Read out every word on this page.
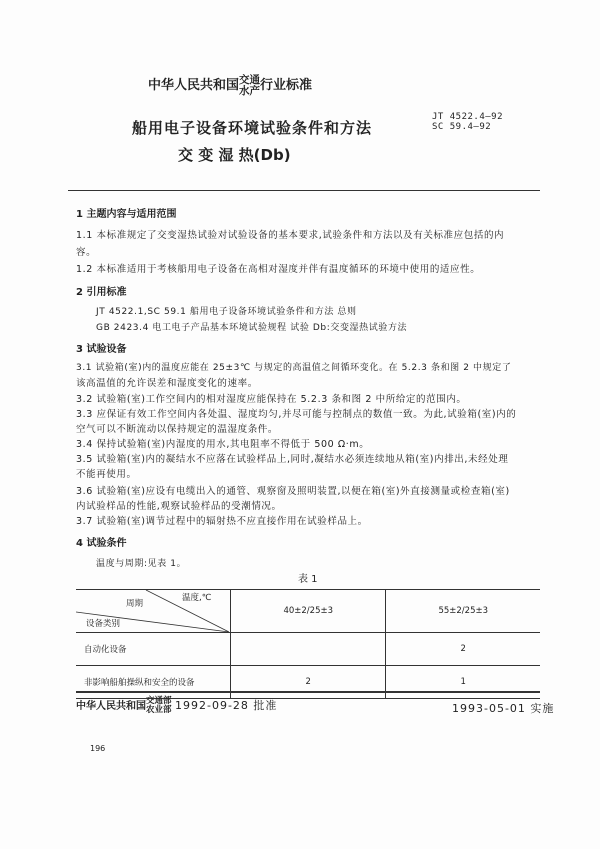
中华人民共和国交通
水产行业标准
JT 4522.4—92
SC 59.4—92
船用电子设备环境试验条件和方法
交 变 湿 热(Db)
1 主题内容与适用范围
1.1 本标准规定了交变湿热试验对试验设备的基本要求,试验条件和方法以及有关标准应包括的内
容。
1.2 本标准适用于考核船用电子设备在高相对湿度并伴有温度循环的环境中使用的适应性。
2 引用标准
JT 4522.1,SC 59.1 船用电子设备环境试验条件和方法 总则
GB 2423.4 电工电子产品基本环境试验规程 试验 Db:交变湿热试验方法
3 试验设备
3.1 试验箱(室)内的温度应能在 25±3℃ 与规定的高温值之间循环变化。在 5.2.3 条和图 2 中规定了
该高温值的允许误差和湿度变化的速率。
3.2 试验箱(室)工作空间内的相对湿度应能保持在 5.2.3 条和图 2 中所给定的范围内。
3.3 应保证有效工作空间内各处温、湿度均匀,并尽可能与控制点的数值一致。为此,试验箱(室)内的
空气可以不断流动以保持规定的温湿度条件。
3.4 保持试验箱(室)内湿度的用水,其电阻率不得低于 500 Ω·m。
3.5 试验箱(室)内的凝结水不应落在试验样品上,同时,凝结水必须连续地从箱(室)内排出,未经处理
不能再使用。
3.6 试验箱(室)应设有电缆出入的通管、观察窗及照明装置,以便在箱(室)外直接测量或检查箱(室)
内试验样品的性能,观察试验样品的受潮情况。
3.7 试验箱(室)调节过程中的辐射热不应直接作用在试验样品上。
4 试验条件
温度与周期:见表 1。
表 1
周期
温度,℃
设备类别	40±2/25±3	55±2/25±3
自动化设备		2
非影响船舶操纵和安全的设备	2	1
中华人民共和国交通部
农业部 1992-09-28 批准	1993-05-01 实施
196
